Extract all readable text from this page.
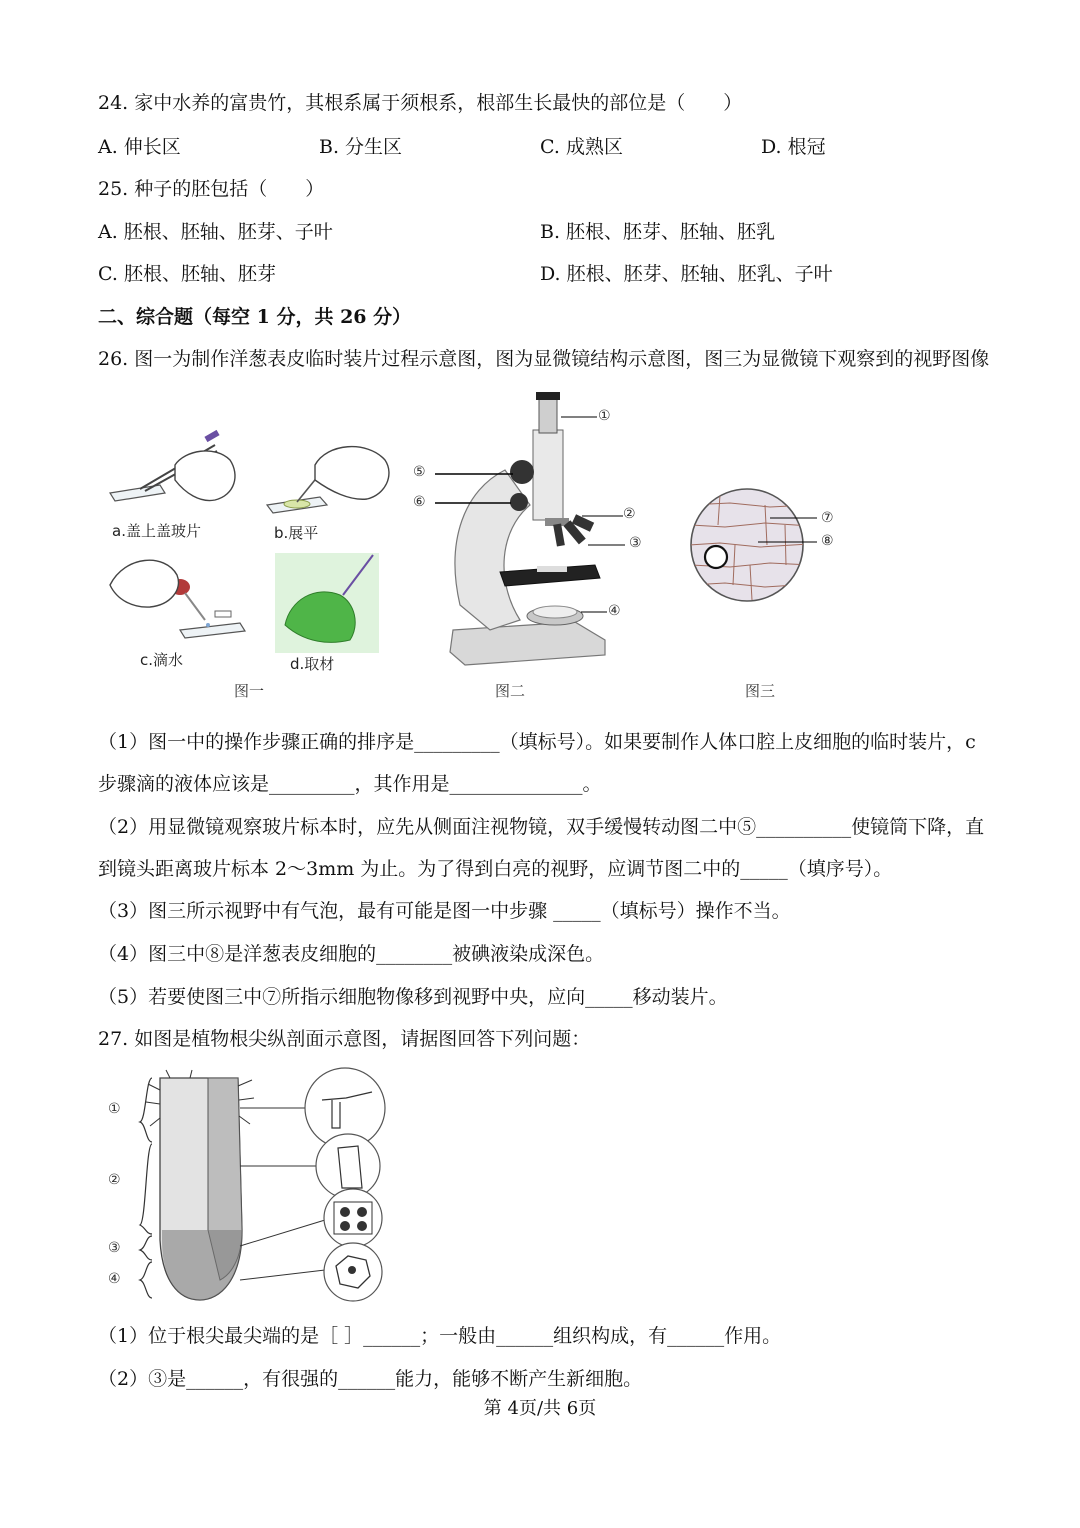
24. 家中水养的富贵竹，其根系属于须根系，根部生长最快的部位是（　　）
A. 伸长区	B. 分生区	C. 成熟区	D. 根冠
25. 种子的胚包括（　　）
A. 胚根、胚轴、胚芽、子叶	B. 胚根、胚芽、胚轴、胚乳
C. 胚根、胚轴、胚芽	D. 胚根、胚芽、胚轴、胚乳、子叶
二、综合题（每空 1 分，共 26 分）
26. 图一为制作洋葱表皮临时装片过程示意图，图为显微镜结构示意图，图三为显微镜下观察到的视野图像
a.盖上盖玻片	b.展平
c.滴水	d.取材
图一
①
②
③
④
⑤
⑥
图二
⑦
⑧
图三
（1）图一中的操作步骤正确的排序是_________（填标号）。如果要制作人体口腔上皮细胞的临时装片，c
步骤滴的液体应该是_________，其作用是______________。
（2）用显微镜观察玻片标本时，应先从侧面注视物镜，双手缓慢转动图二中⑤__________使镜筒下降，直
到镜头距离玻片标本 2～3mm 为止。为了得到白亮的视野，应调节图二中的_____（填序号）。
（3）图三所示视野中有气泡，最有可能是图一中步骤 _____（填标号）操作不当。
（4）图三中⑧是洋葱表皮细胞的________被碘液染成深色。
（5）若要使图三中⑦所指示细胞物像移到视野中央，应向_____移动装片。
27. 如图是植物根尖纵剖面示意图，请据图回答下列问题：
①
②
③
④
（1）位于根尖最尖端的是［ ］______；一般由______组织构成，有______作用。
（2）③是______，有很强的______能力，能够不断产生新细胞。
第 4页/共 6页
